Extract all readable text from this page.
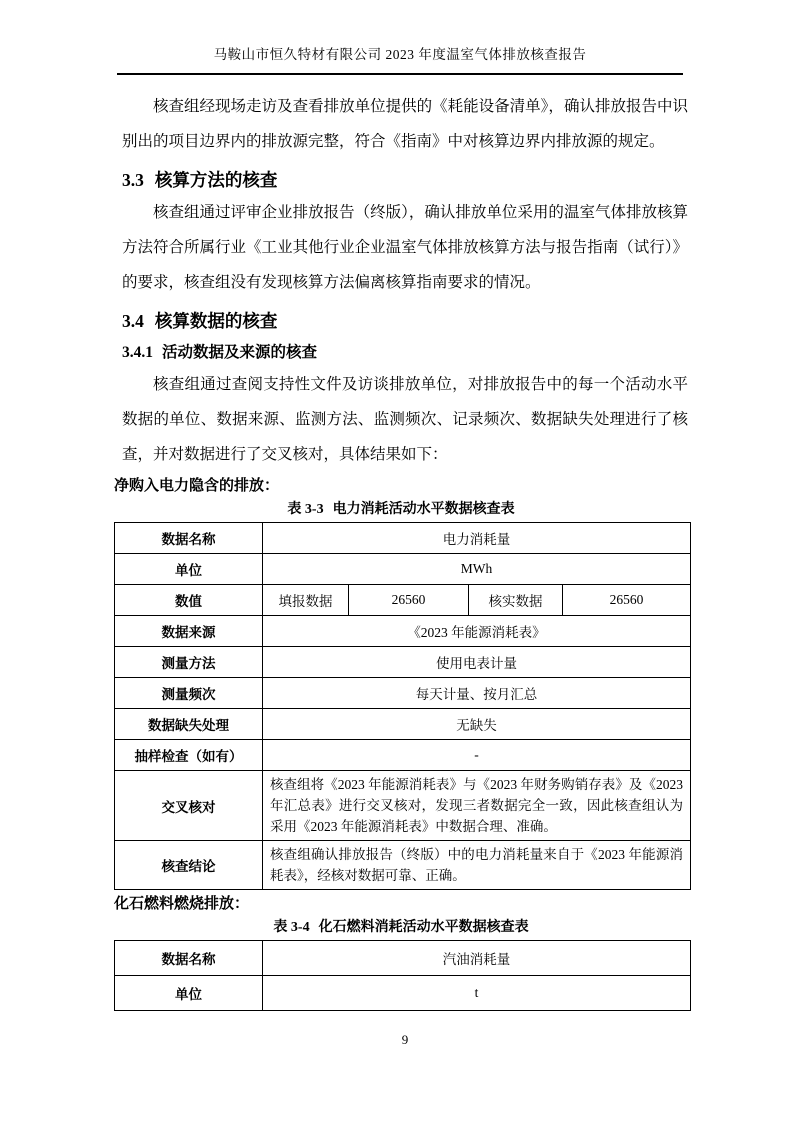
马鞍山市恒久特材有限公司 2023 年度温室气体排放核查报告

核查组经现场走访及查看排放单位提供的《耗能设备清单》，确认排放报告中识别出的项目边界内的排放源完整，符合《指南》中对核算边界内排放源的规定。

3.3 核算方法的核查

核查组通过评审企业排放报告（终版），确认排放单位采用的温室气体排放核算方法符合所属行业《工业其他行业企业温室气体排放核算方法与报告指南（试行）》的要求，核查组没有发现核算方法偏离核算指南要求的情况。

3.4 核算数据的核查
3.4.1 活动数据及来源的核查

核查组通过查阅支持性文件及访谈排放单位，对排放报告中的每一个活动水平数据的单位、数据来源、监测方法、监测频次、记录频次、数据缺失处理进行了核查，并对数据进行了交叉核对，具体结果如下：

净购入电力隐含的排放：
表 3-3 电力消耗活动水平数据核查表
数据名称	电力消耗量			
单位	MWh			
数值	填报数据	26560	核实数据	26560
数据来源	《2023 年能源消耗表》			
测量方法	使用电表计量			
测量频次	每天计量、按月汇总			
数据缺失处理	无缺失			
抽样检查（如有）	-			
交叉核对	核查组将《2023 年能源消耗表》与《2023 年财务购销存表》及《2023 年汇总表》进行交叉核对，发现三者数据完全一致，因此核查组认为采用《2023 年能源消耗表》中数据合理、准确。			
核查结论	核查组确认排放报告（终版）中的电力消耗量来自于《2023 年能源消耗表》，经核对数据可靠、正确。			
化石燃料燃烧排放：
表 3-4 化石燃料消耗活动水平数据核查表
数据名称	汽油消耗量
单位	t
9
